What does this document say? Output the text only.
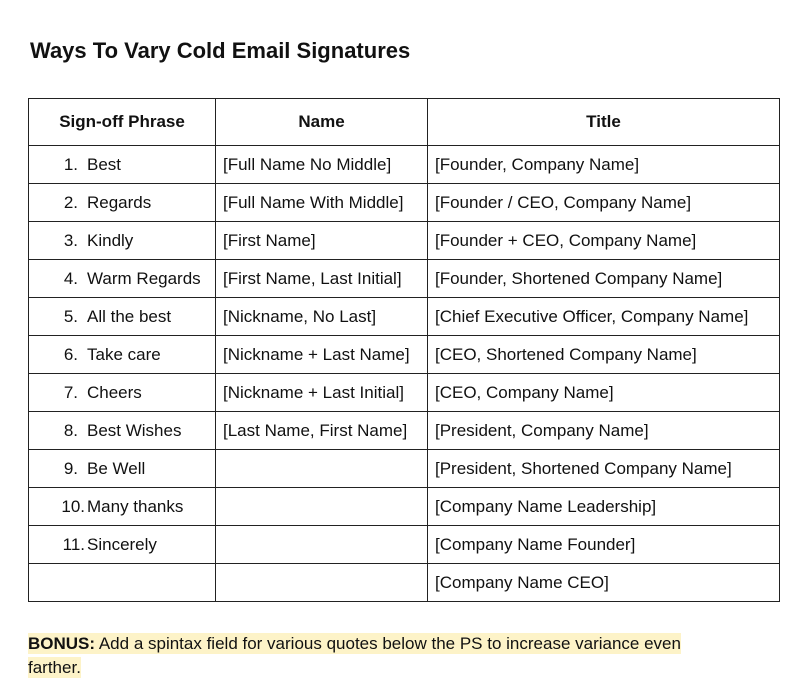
Ways To Vary Cold Email Signatures
Sign-off Phrase	Name	Title
1. Best	[Full Name No Middle]	[Founder, Company Name]
2. Regards	[Full Name With Middle]	[Founder / CEO, Company Name]
3. Kindly	[First Name]	[Founder + CEO, Company Name]
4. Warm Regards	[First Name, Last Initial]	[Founder, Shortened Company Name]
5. All the best	[Nickname, No Last]	[Chief Executive Officer, Company Name]
6. Take care	[Nickname + Last Name]	[CEO, Shortened Company Name]
7. Cheers	[Nickname + Last Initial]	[CEO, Company Name]
8. Best Wishes	[Last Name, First Name]	[President, Company Name]
9. Be Well		[President, Shortened Company Name]
10. Many thanks		[Company Name Leadership]
11. Sincerely		[Company Name Founder]
		[Company Name CEO]

BONUS: Add a spintax field for various quotes below the PS to increase variance even farther.
